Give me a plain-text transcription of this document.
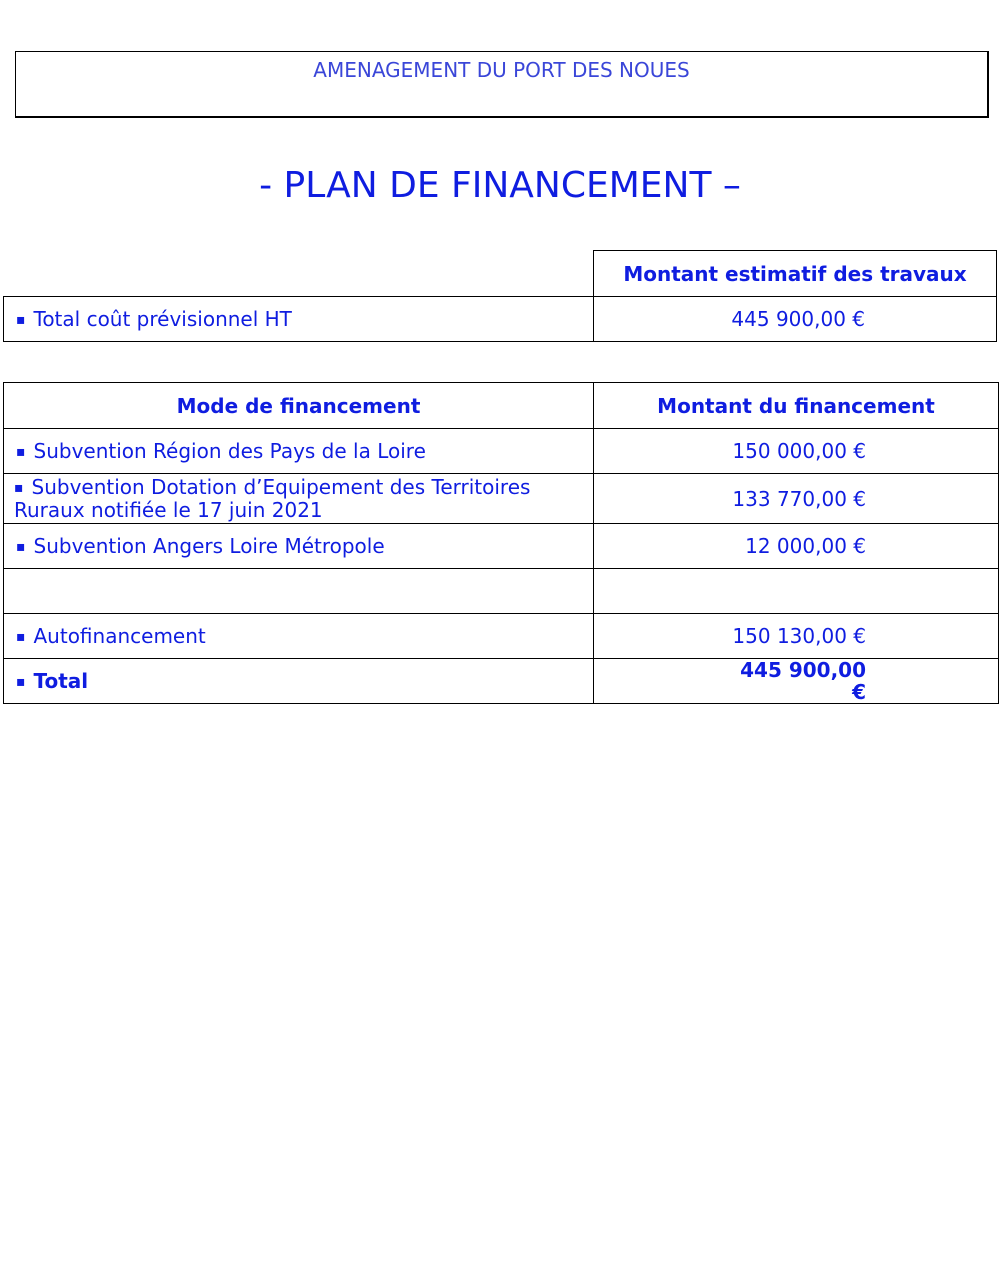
AMENAGEMENT DU PORT DES NOUES
- PLAN DE FINANCEMENT –
	Montant estimatif des travaux
▪ Total coût prévisionnel HT	445 900,00 €
Mode de financement	Montant du financement
▪ Subvention Région des Pays de la Loire	150 000,00 €
▪ Subvention Dotation d’Equipement des Territoires Ruraux notifiée le 17 juin 2021	133 770,00 €
▪ Subvention Angers Loire Métropole	12 000,00 €

▪ Autofinancement	150 130,00 €
▪ Total	445 900,00 €
